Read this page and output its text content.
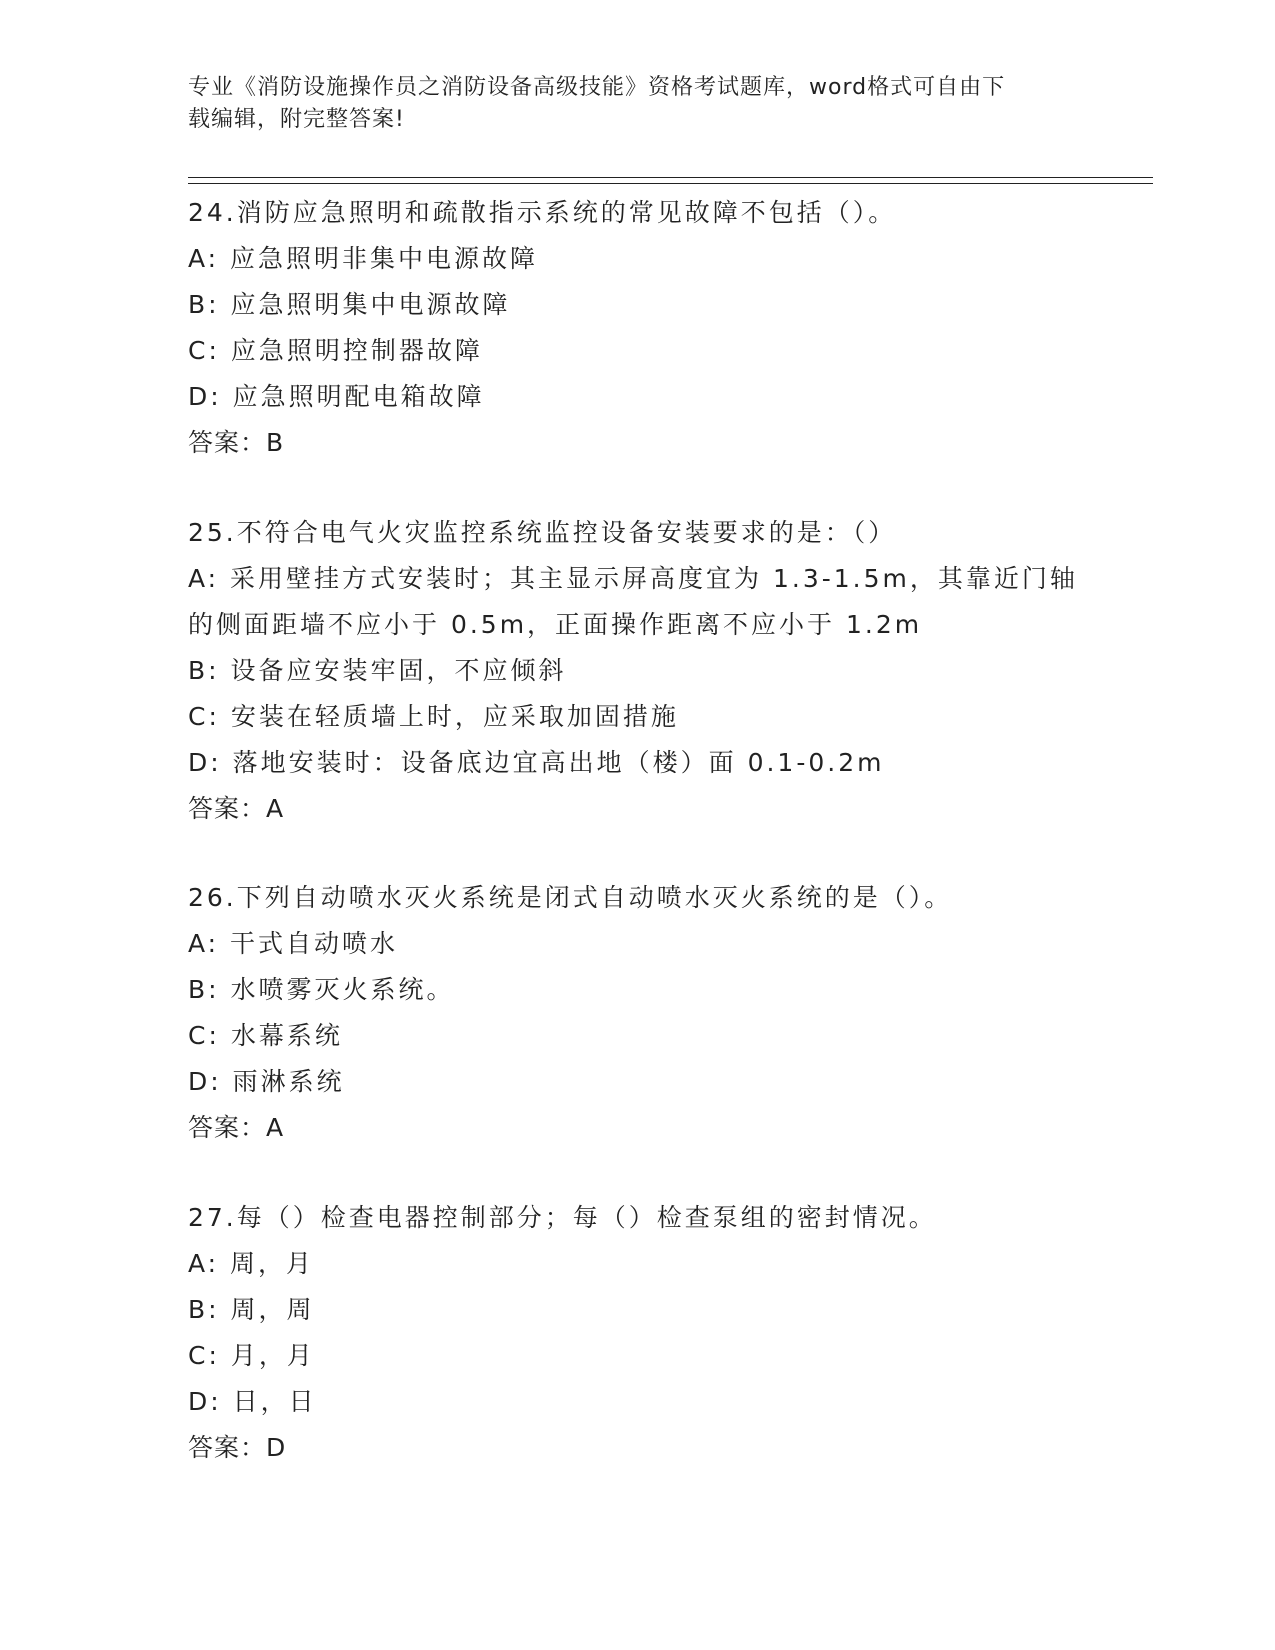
专业《消防设施操作员之消防设备高级技能》资格考试题库，word格式可自由下
载编辑，附完整答案!
24.消防应急照明和疏散指示系统的常见故障不包括（）。
A: 应急照明非集中电源故障
B: 应急照明集中电源故障
C: 应急照明控制器故障
D: 应急照明配电箱故障
答案：B
25.不符合电气火灾监控系统监控设备安装要求的是：（）
A: 采用壁挂方式安装时；其主显示屏高度宜为 1.3-1.5m，其靠近门轴
的侧面距墙不应小于 0.5m，正面操作距离不应小于 1.2m
B: 设备应安装牢固，不应倾斜
C: 安装在轻质墙上时，应采取加固措施
D: 落地安装时：设备底边宜高出地（楼）面 0.1-0.2m
答案：A
26.下列自动喷水灭火系统是闭式自动喷水灭火系统的是（）。
A: 干式自动喷水
B: 水喷雾灭火系统。
C: 水幕系统
D: 雨淋系统
答案：A
27.每（）检查电器控制部分；每（）检查泵组的密封情况。
A: 周，月
B: 周，周
C: 月，月
D: 日，日
答案：D
